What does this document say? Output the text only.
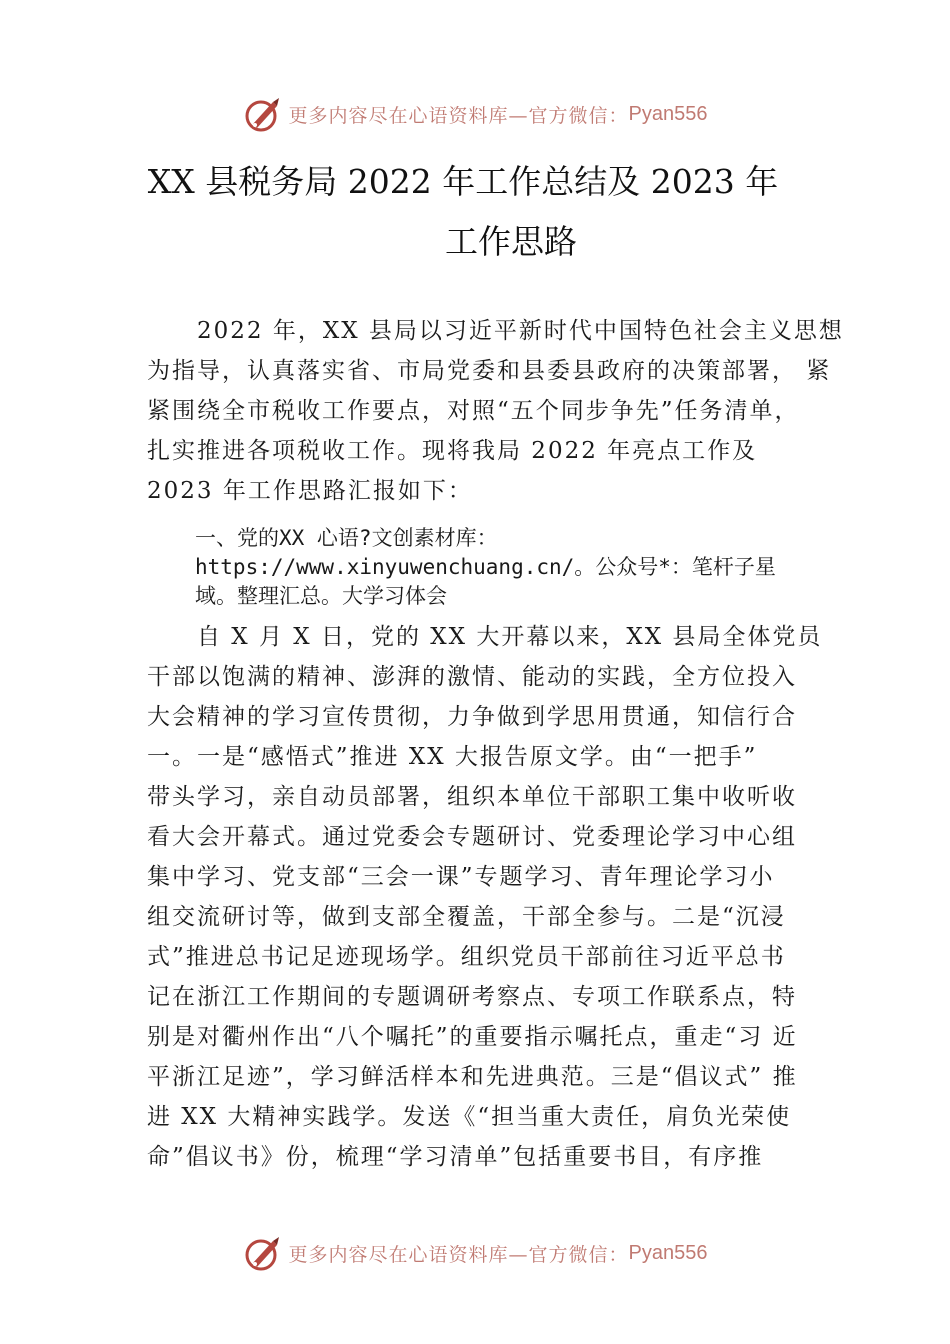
更多内容尽在心语资料库—官方微信： Pyan556
XX 县税务局 2022 年工作总结及 2023 年
工作思路
　　2022 年，XX 县局以习近平新时代中国特色社会主义思想
为指导，认真落实省、市局党委和县委县政府的决策部署， 紧
紧围绕全市税收工作要点，对照“五个同步争先”任务清单，
扎实推进各项税收工作。现将我局 2022 年亮点工作及
2023 年工作思路汇报如下：
一、党的XX 心语?文创素材库：
https://www.xinyuwenchuang.cn/。公众号*：笔杆子星
域。整理汇总。大学习体会
　　自 X 月 X 日，党的 XX 大开幕以来，XX 县局全体党员
干部以饱满的精神、澎湃的激情、能动的实践，全方位投入
大会精神的学习宣传贯彻，力争做到学思用贯通，知信行合
一。一是“感悟式”推进 XX 大报告原文学。由“一把手”
带头学习，亲自动员部署，组织本单位干部职工集中收听收
看大会开幕式。通过党委会专题研讨、党委理论学习中心组
集中学习、党支部“三会一课”专题学习、青年理论学习小
组交流研讨等，做到支部全覆盖，干部全参与。二是“沉浸
式”推进总书记足迹现场学。组织党员干部前往习近平总书
记在浙江工作期间的专题调研考察点、专项工作联系点，特
别是对衢州作出“八个嘱托”的重要指示嘱托点，重走“习 近
平浙江足迹”，学习鲜活样本和先进典范。三是“倡议式” 推
进 XX 大精神实践学。发送《“担当重大责任，肩负光荣使
命”倡议书》份，梳理“学习清单”包括重要书目，有序推
更多内容尽在心语资料库—官方微信： Pyan556
